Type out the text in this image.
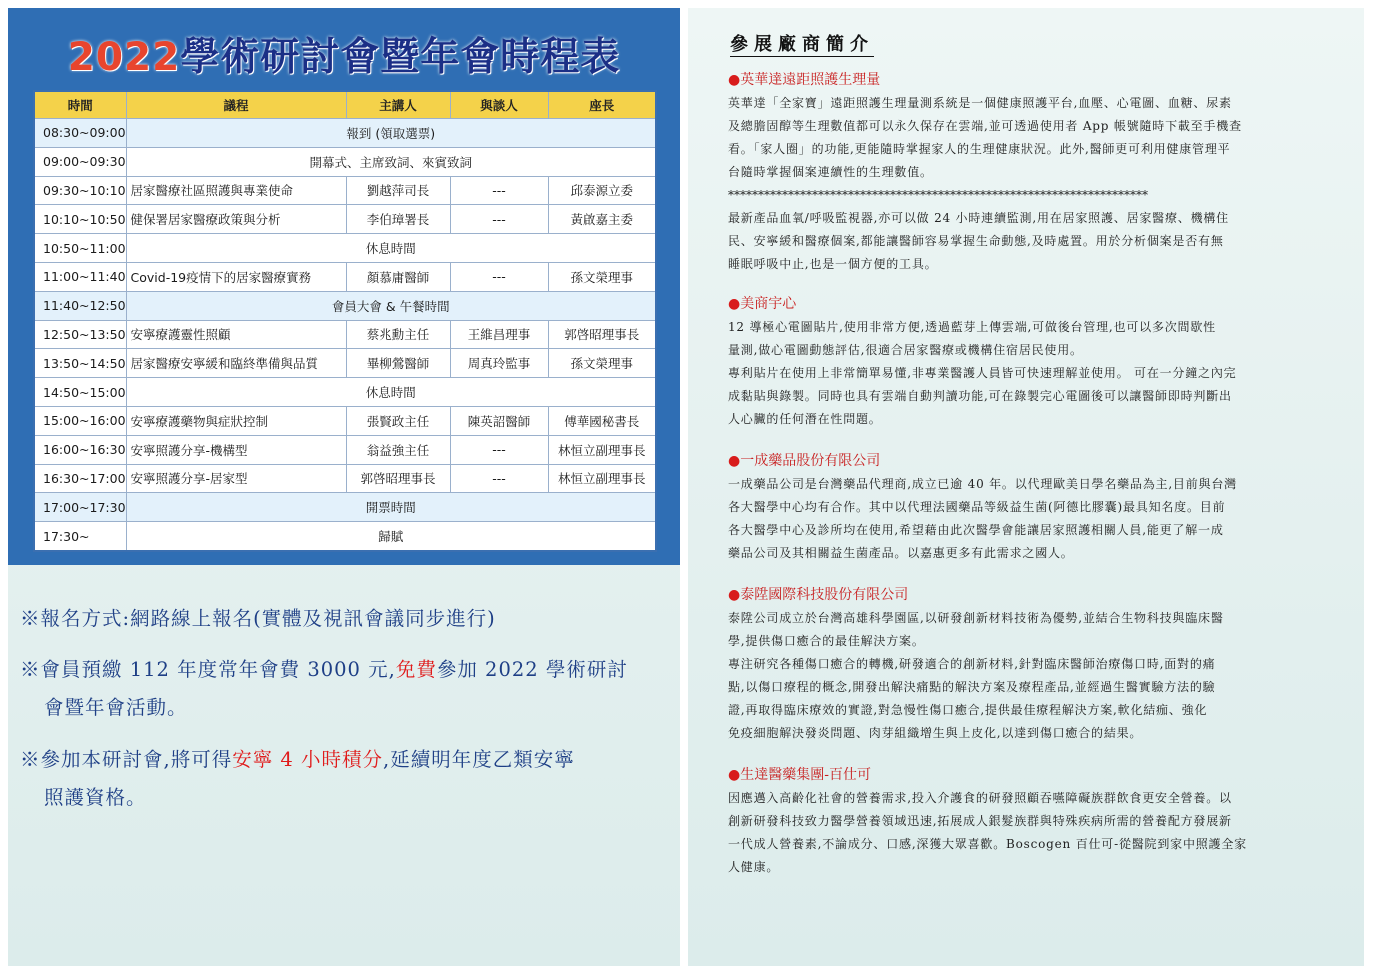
2022學術研討會暨年會時程表
時間	議程	主講人	與談人	座長
08:30~09:00	報到 (領取選票)			
09:00~09:30	開幕式、主席致詞、來賓致詞			
09:30~10:10	居家醫療社區照護與專業使命	劉越萍司長	---	邱泰源立委
10:10~10:50	健保署居家醫療政策與分析	李伯璋署長	---	黃啟嘉主委
10:50~11:00	休息時間			
11:00~11:40	Covid-19疫情下的居家醫療實務	顏慕庸醫師	---	孫文榮理事
11:40~12:50	會員大會 & 午餐時間			
12:50~13:50	安寧療護靈性照顧	蔡兆勳主任	王維昌理事	郭啓昭理事長
13:50~14:50	居家醫療安寧緩和臨終準備與品質	畢柳鶯醫師	周真玲監事	孫文榮理事
14:50~15:00	休息時間			
15:00~16:00	安寧療護藥物與症狀控制	張賢政主任	陳英詔醫師	傅華國秘書長
16:00~16:30	安寧照護分享-機構型	翁益強主任	---	林恒立副理事長
16:30~17:00	安寧照護分享-居家型	郭啓昭理事長	---	林恒立副理事長
17:00~17:30	開票時間			
17:30~	歸賦			
※報名方式:網路線上報名(實體及視訊會議同步進行)
※會員預繳 112 年度常年會費 3000 元,免費參加 2022 學術研討
會暨年會活動。
※參加本研討會,將可得安寧 4 小時積分,延續明年度乙類安寧
照護資格。
參展廠商簡介
●英華達遠距照護生理量

英華達「全家寶」遠距照護生理量測系統是一個健康照護平台,血壓、心電圖、血糖、尿素

及總膽固醇等生理數值都可以永久保存在雲端,並可透過使用者 App 帳號隨時下載至手機查

看。「家人圈」的功能,更能隨時掌握家人的生理健康狀況。此外,醫師更可利用健康管理平

台隨時掌握個案連續性的生理數值。

**********************************************************************

最新產品血氧/呼吸監視器,亦可以做 24 小時連續監測,用在居家照護、居家醫療、機構住

民、安寧緩和醫療個案,都能讓醫師容易掌握生命動態,及時處置。用於分析個案是否有無

睡眠呼吸中止,也是一個方便的工具。

●美商宇心

12 導極心電圖貼片,使用非常方便,透過藍芽上傳雲端,可做後台管理,也可以多次間歇性

量測,做心電圖動態評估,很適合居家醫療或機構住宿居民使用。

專利貼片在使用上非常簡單易懂,非專業醫護人員皆可快速理解並使用。 可在一分鐘之內完

成黏貼與錄製。同時也具有雲端自動判讀功能,可在錄製完心電圖後可以讓醫師即時判斷出

人心臟的任何潛在性問題。

●一成藥品股份有限公司

一成藥品公司是台灣藥品代理商,成立已逾 40 年。以代理歐美日學名藥品為主,目前與台灣

各大醫學中心均有合作。其中以代理法國藥品等級益生菌(阿德比膠囊)最具知名度。目前

各大醫學中心及診所均在使用,希望藉由此次醫學會能讓居家照護相關人員,能更了解一成

藥品公司及其相關益生菌產品。以嘉惠更多有此需求之國人。

●泰陞國際科技股份有限公司

泰陞公司成立於台灣高雄科學園區,以研發創新材料技術為優勢,並結合生物科技與臨床醫

學,提供傷口癒合的最佳解決方案。

專注研究各種傷口癒合的轉機,研發適合的創新材料,針對臨床醫師治療傷口時,面對的痛

點,以傷口療程的概念,開發出解決痛點的解決方案及療程產品,並經過生醫實驗方法的驗

證,再取得臨床療效的實證,對急慢性傷口癒合,提供最佳療程解決方案,軟化結痂、強化

免疫細胞解決發炎問題、肉芽組織增生與上皮化,以達到傷口癒合的結果。

●生達醫藥集團-百仕可

因應邁入高齡化社會的營養需求,投入介護食的研發照顧吞嚥障礙族群飲食更安全營養。以

創新研發科技致力醫學營養領域迅速,拓展成人銀髮族群與特殊疾病所需的營養配方發展新

一代成人營養素,不論成分、口感,深獲大眾喜歡。Boscogen 百仕可-從醫院到家中照護全家

人健康。
